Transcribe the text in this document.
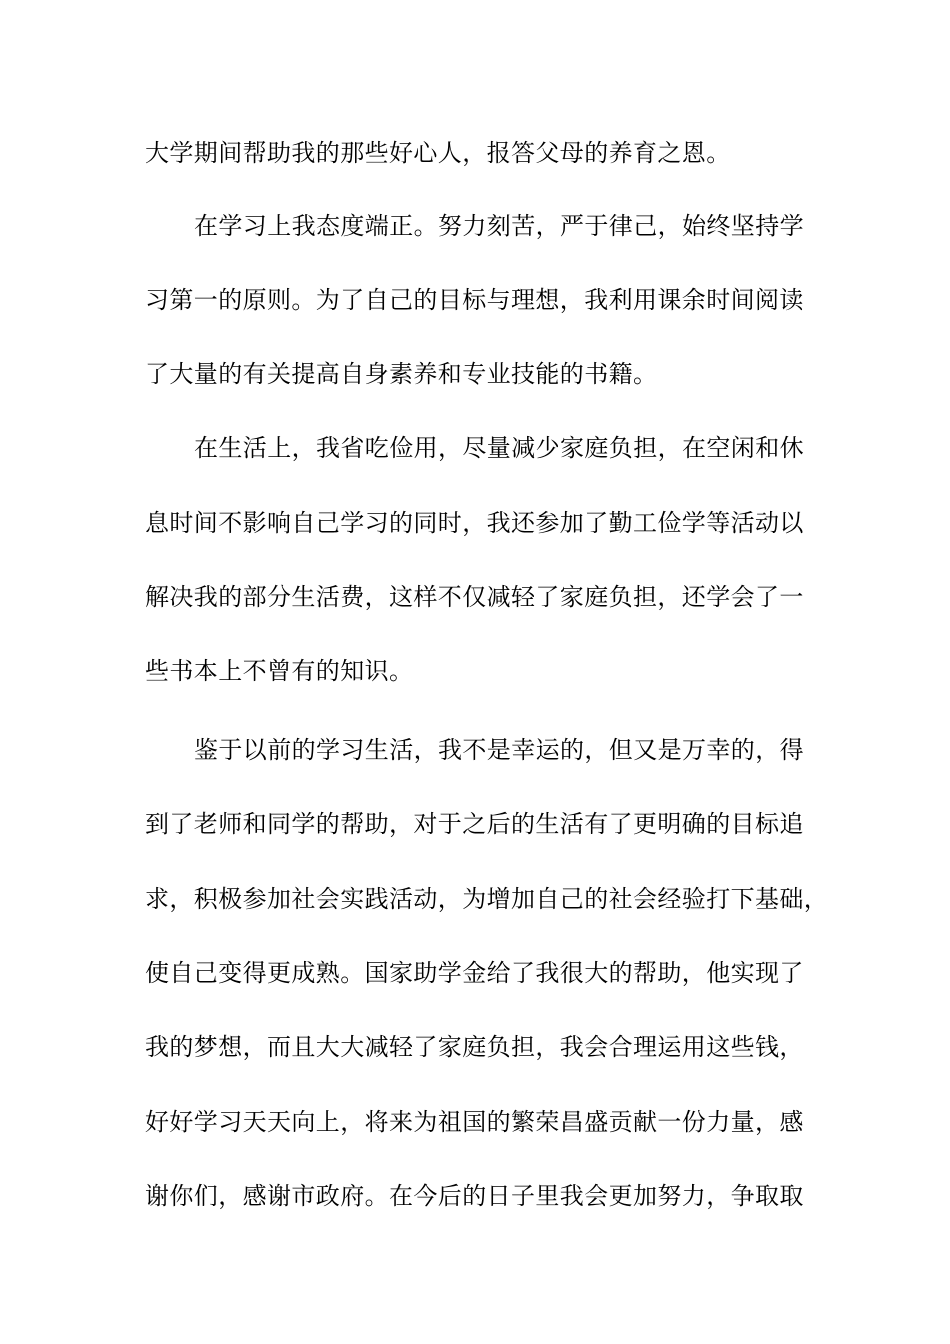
大学期间帮助我的那些好心人，报答父母的养育之恩。
在学习上我态度端正。努力刻苦，严于律己，始终坚持学
习第一的原则。为了自己的目标与理想，我利用课余时间阅读
了大量的有关提高自身素养和专业技能的书籍。
在生活上，我省吃俭用，尽量减少家庭负担，在空闲和休
息时间不影响自己学习的同时，我还参加了勤工俭学等活动以
解决我的部分生活费，这样不仅减轻了家庭负担，还学会了一
些书本上不曾有的知识。
鉴于以前的学习生活，我不是幸运的，但又是万幸的，得
到了老师和同学的帮助，对于之后的生活有了更明确的目标追
求，积极参加社会实践活动，为增加自己的社会经验打下基础，
使自己变得更成熟。国家助学金给了我很大的帮助，他实现了
我的梦想，而且大大减轻了家庭负担，我会合理运用这些钱，
好好学习天天向上，将来为祖国的繁荣昌盛贡献一份力量，感
谢你们，感谢市政府。在今后的日子里我会更加努力，争取取
